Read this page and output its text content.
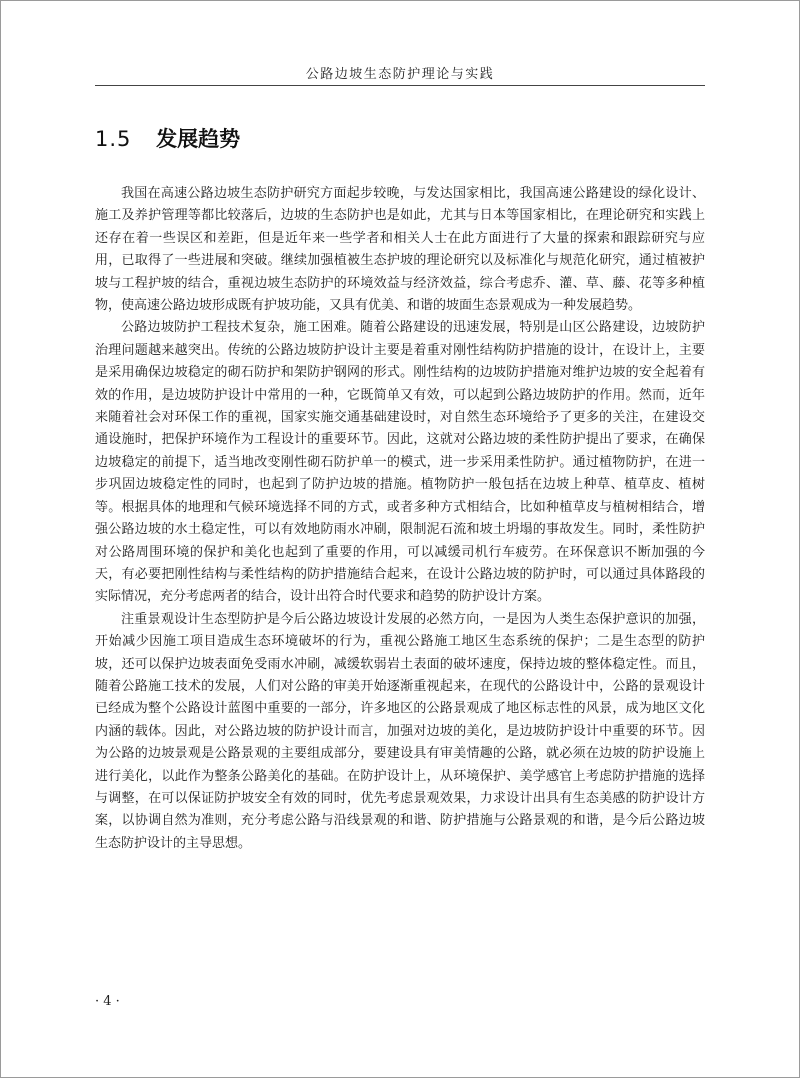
公路边坡生态防护理论与实践
1.5 发展趋势

我国在高速公路边坡生态防护研究方面起步较晚，与发达国家相比，我国高速公路建设的绿化设计、施工及养护管理等都比较落后，边坡的生态防护也是如此，尤其与日本等国家相比，在理论研究和实践上还存在着一些误区和差距，但是近年来一些学者和相关人士在此方面进行了大量的探索和跟踪研究与应用，已取得了一些进展和突破。继续加强植被生态护坡的理论研究以及标准化与规范化研究，通过植被护坡与工程护坡的结合，重视边坡生态防护的环境效益与经济效益，综合考虑乔、灌、草、藤、花等多种植物，使高速公路边坡形成既有护坡功能，又具有优美、和谐的坡面生态景观成为一种发展趋势。

公路边坡防护工程技术复杂，施工困难。随着公路建设的迅速发展，特别是山区公路建设，边坡防护治理问题越来越突出。传统的公路边坡防护设计主要是着重对刚性结构防护措施的设计，在设计上，主要是采用确保边坡稳定的砌石防护和架防护钢网的形式。刚性结构的边坡防护措施对维护边坡的安全起着有效的作用，是边坡防护设计中常用的一种，它既简单又有效，可以起到公路边坡防护的作用。然而，近年来随着社会对环保工作的重视，国家实施交通基础建设时，对自然生态环境给予了更多的关注，在建设交通设施时，把保护环境作为工程设计的重要环节。因此，这就对公路边坡的柔性防护提出了要求，在确保边坡稳定的前提下，适当地改变刚性砌石防护单一的模式，进一步采用柔性防护。通过植物防护，在进一步巩固边坡稳定性的同时，也起到了防护边坡的措施。植物防护一般包括在边坡上种草、植草皮、植树等。根据具体的地理和气候环境选择不同的方式，或者多种方式相结合，比如种植草皮与植树相结合，增强公路边坡的水土稳定性，可以有效地防雨水冲刷，限制泥石流和坡土坍塌的事故发生。同时，柔性防护对公路周围环境的保护和美化也起到了重要的作用，可以减缓司机行车疲劳。在环保意识不断加强的今天，有必要把刚性结构与柔性结构的防护措施结合起来，在设计公路边坡的防护时，可以通过具体路段的实际情况，充分考虑两者的结合，设计出符合时代要求和趋势的防护设计方案。

注重景观设计生态型防护是今后公路边坡设计发展的必然方向，一是因为人类生态保护意识的加强，开始减少因施工项目造成生态环境破坏的行为，重视公路施工地区生态系统的保护；二是生态型的防护坡，还可以保护边坡表面免受雨水冲刷，减缓软弱岩土表面的破坏速度，保持边坡的整体稳定性。而且，随着公路施工技术的发展，人们对公路的审美开始逐渐重视起来，在现代的公路设计中，公路的景观设计已经成为整个公路设计蓝图中重要的一部分，许多地区的公路景观成了地区标志性的风景，成为地区文化内涵的载体。因此，对公路边坡的防护设计而言，加强对边坡的美化，是边坡防护设计中重要的环节。因为公路的边坡景观是公路景观的主要组成部分，要建设具有审美情趣的公路，就必须在边坡的防护设施上进行美化，以此作为整条公路美化的基础。在防护设计上，从环境保护、美学感官上考虑防护措施的选择与调整，在可以保证防护坡安全有效的同时，优先考虑景观效果，力求设计出具有生态美感的防护设计方案，以协调自然为准则，充分考虑公路与沿线景观的和谐、防护措施与公路景观的和谐，是今后公路边坡生态防护设计的主导思想。

· 4 ·
